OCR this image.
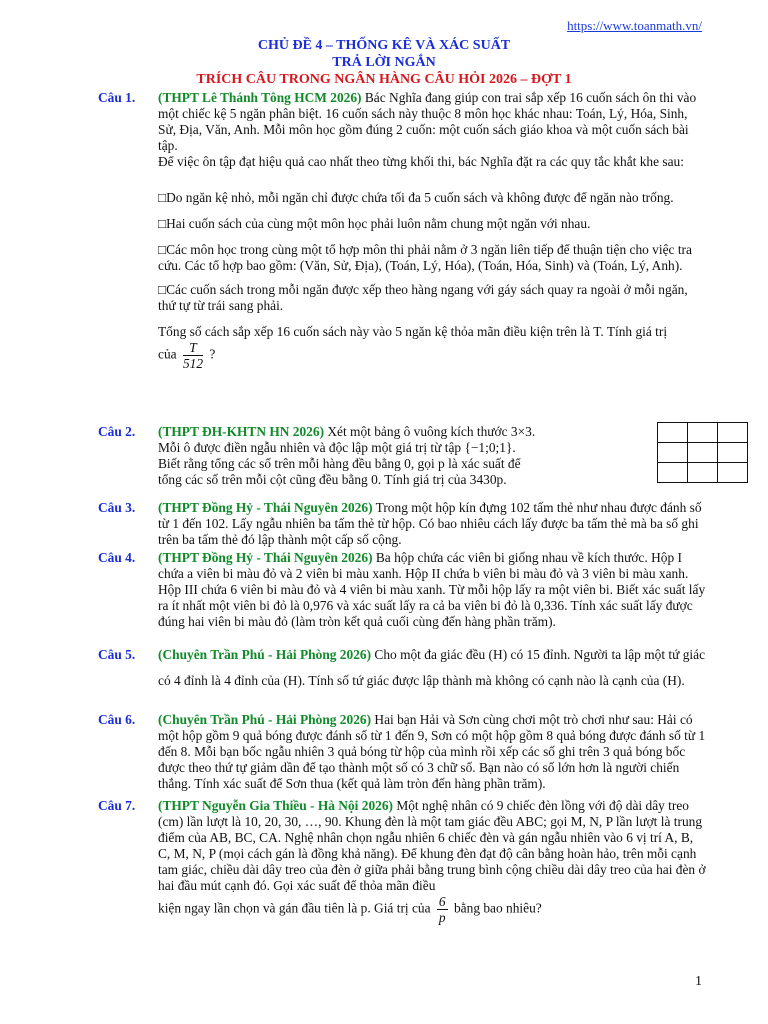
https://www.toanmath.vn/
CHỦ ĐỀ 4 – THỐNG KÊ VÀ XÁC SUẤT
TRẢ LỜI NGẮN
TRÍCH CÂU TRONG NGÂN HÀNG CÂU HỎI 2026 – ĐỢT 1
Câu 1. (THPT Lê Thánh Tông HCM 2026) Bác Nghĩa đang giúp con trai sắp xếp 16 cuốn sách ôn thi vào một chiếc kệ 5 ngăn phân biệt. 16 cuốn sách này thuộc 8 môn học khác nhau: Toán, Lý, Hóa, Sinh, Sử, Địa, Văn, Anh. Mỗi môn học gồm đúng 2 cuốn: một cuốn sách giáo khoa và một cuốn sách bài tập.
Để việc ôn tập đạt hiệu quả cao nhất theo từng khối thi, bác Nghĩa đặt ra các quy tắc khắt khe sau:
□Do ngăn kệ nhỏ, mỗi ngăn chỉ được chứa tối đa 5 cuốn sách và không được để ngăn nào trống.
□Hai cuốn sách của cùng một môn học phải luôn nằm chung một ngăn với nhau.
□Các môn học trong cùng một tổ hợp môn thi phải nằm ở 3 ngăn liên tiếp để thuận tiện cho việc tra cứu. Các tổ hợp bao gồm: (Văn, Sử, Địa), (Toán, Lý, Hóa), (Toán, Hóa, Sinh) và (Toán, Lý, Anh).
□Các cuốn sách trong mỗi ngăn được xếp theo hàng ngang với gáy sách quay ra ngoài ở mỗi ngăn, thứ tự từ trái sang phải.
Tổng số cách sắp xếp 16 cuốn sách này vào 5 ngăn kệ thỏa mãn điều kiện trên là T. Tính giá trị
của $\frac{T}{512}$ ?
Câu 2. (THPT ĐH-KHTN HN 2026) Xét một bảng ô vuông kích thước 3×3. Mỗi ô được điền ngẫu nhiên và độc lập một giá trị từ tập {−1;0;1}. Biết rằng tổng các số trên mỗi hàng đều bằng 0, gọi p là xác suất để tổng các số trên mỗi cột cũng đều bằng 0. Tính giá trị của 3430p.

Câu 3. (THPT Đồng Hỷ - Thái Nguyên 2026) Trong một hộp kín đựng 102 tấm thẻ như nhau được đánh số từ 1 đến 102. Lấy ngẫu nhiên ba tấm thẻ từ hộp. Có bao nhiêu cách lấy được ba tấm thẻ mà ba số ghi trên ba tấm thẻ đó lập thành một cấp số cộng.
Câu 4. (THPT Đồng Hỷ - Thái Nguyên 2026) Ba hộp chứa các viên bi giống nhau về kích thước. Hộp I chứa a viên bi màu đỏ và 2 viên bi màu xanh. Hộp II chứa b viên bi màu đỏ và 3 viên bi màu xanh. Hộp III chứa 6 viên bi màu đỏ và 4 viên bi màu xanh. Từ mỗi hộp lấy ra một viên bi. Biết xác suất lấy ra ít nhất một viên bi đỏ là 0,976 và xác suất lấy ra cả ba viên bi đỏ là 0,336. Tính xác suất lấy được đúng hai viên bi màu đỏ (làm tròn kết quả cuối cùng đến hàng phần trăm).
Câu 5. (Chuyên Trần Phú - Hải Phòng 2026) Cho một đa giác đều (H) có 15 đỉnh. Người ta lập một tứ giác có 4 đỉnh là 4 đỉnh của (H). Tính số tứ giác được lập thành mà không có cạnh nào là cạnh của (H).
Câu 6. (Chuyên Trần Phú - Hải Phòng 2026) Hai bạn Hải và Sơn cùng chơi một trò chơi như sau: Hải có một hộp gồm 9 quả bóng được đánh số từ 1 đến 9, Sơn có một hộp gồm 8 quả bóng được đánh số từ 1 đến 8. Mỗi bạn bốc ngẫu nhiên 3 quả bóng từ hộp của mình rồi xếp các số ghi trên 3 quả bóng bốc được theo thứ tự giảm dần để tạo thành một số có 3 chữ số. Bạn nào có số lớn hơn là người chiến thắng. Tính xác suất để Sơn thua (kết quả làm tròn đến hàng phần trăm).
Câu 7. (THPT Nguyễn Gia Thiều - Hà Nội 2026) Một nghệ nhân có 9 chiếc đèn lồng với độ dài dây treo (cm) lần lượt là 10, 20, 30, …, 90. Khung đèn là một tam giác đều ABC; gọi M, N, P lần lượt là trung điểm của AB, BC, CA. Nghệ nhân chọn ngẫu nhiên 6 chiếc đèn và gán ngẫu nhiên vào 6 vị trí A, B, C, M, N, P (mọi cách gán là đồng khả năng). Để khung đèn đạt độ cân bằng hoàn hảo, trên mỗi cạnh tam giác, chiều dài dây treo của đèn ở giữa phải bằng trung bình cộng chiều dài dây treo của hai đèn ở hai đầu mút cạnh đó. Gọi xác suất để thỏa mãn điều
kiện ngay lần chọn và gán đầu tiên là p. Giá trị của $\frac{6}{p}$ bằng bao nhiêu?
1
